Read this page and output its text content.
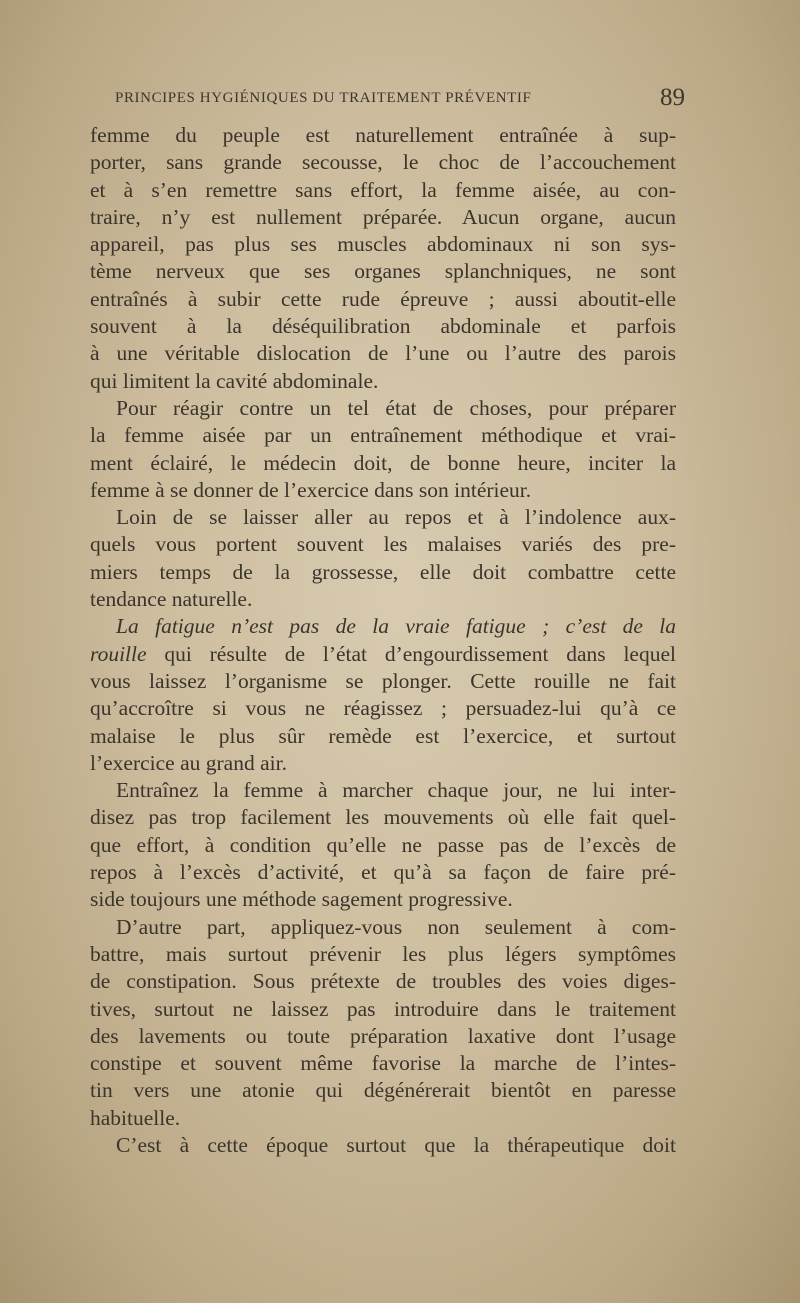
PRINCIPES HYGIÉNIQUES DU TRAITEMENT PRÉVENTIF	89
femme du peuple est naturellement entraînée à sup-
porter, sans grande secousse, le choc de l’accouchement
et à s’en remettre sans effort, la femme aisée, au con-
traire, n’y est nullement préparée. Aucun organe, aucun
appareil, pas plus ses muscles abdominaux ni son sys-
tème nerveux que ses organes splanchniques, ne sont
entraînés à subir cette rude épreuve ; aussi aboutit-elle
souvent à la déséquilibration abdominale et parfois
à une véritable dislocation de l’une ou l’autre des parois
qui limitent la cavité abdominale.
Pour réagir contre un tel état de choses, pour préparer
la femme aisée par un entraînement méthodique et vrai-
ment éclairé, le médecin doit, de bonne heure, inciter la
femme à se donner de l’exercice dans son intérieur.
Loin de se laisser aller au repos et à l’indolence aux-
quels vous portent souvent les malaises variés des pre-
miers temps de la grossesse, elle doit combattre cette
tendance naturelle.
La fatigue n’est pas de la vraie fatigue ; c’est de la
rouille qui résulte de l’état d’engourdissement dans lequel
vous laissez l’organisme se plonger. Cette rouille ne fait
qu’accroître si vous ne réagissez ; persuadez-lui qu’à ce
malaise le plus sûr remède est l’exercice, et surtout
l’exercice au grand air.
Entraînez la femme à marcher chaque jour, ne lui inter-
disez pas trop facilement les mouvements où elle fait quel-
que effort, à condition qu’elle ne passe pas de l’excès de
repos à l’excès d’activité, et qu’à sa façon de faire pré-
side toujours une méthode sagement progressive.
D’autre part, appliquez-vous non seulement à com-
battre, mais surtout prévenir les plus légers symptômes
de constipation. Sous prétexte de troubles des voies diges-
tives, surtout ne laissez pas introduire dans le traitement
des lavements ou toute préparation laxative dont l’usage
constipe et souvent même favorise la marche de l’intes-
tin vers une atonie qui dégénérerait bientôt en paresse
habituelle.
C’est à cette époque surtout que la thérapeutique doit
